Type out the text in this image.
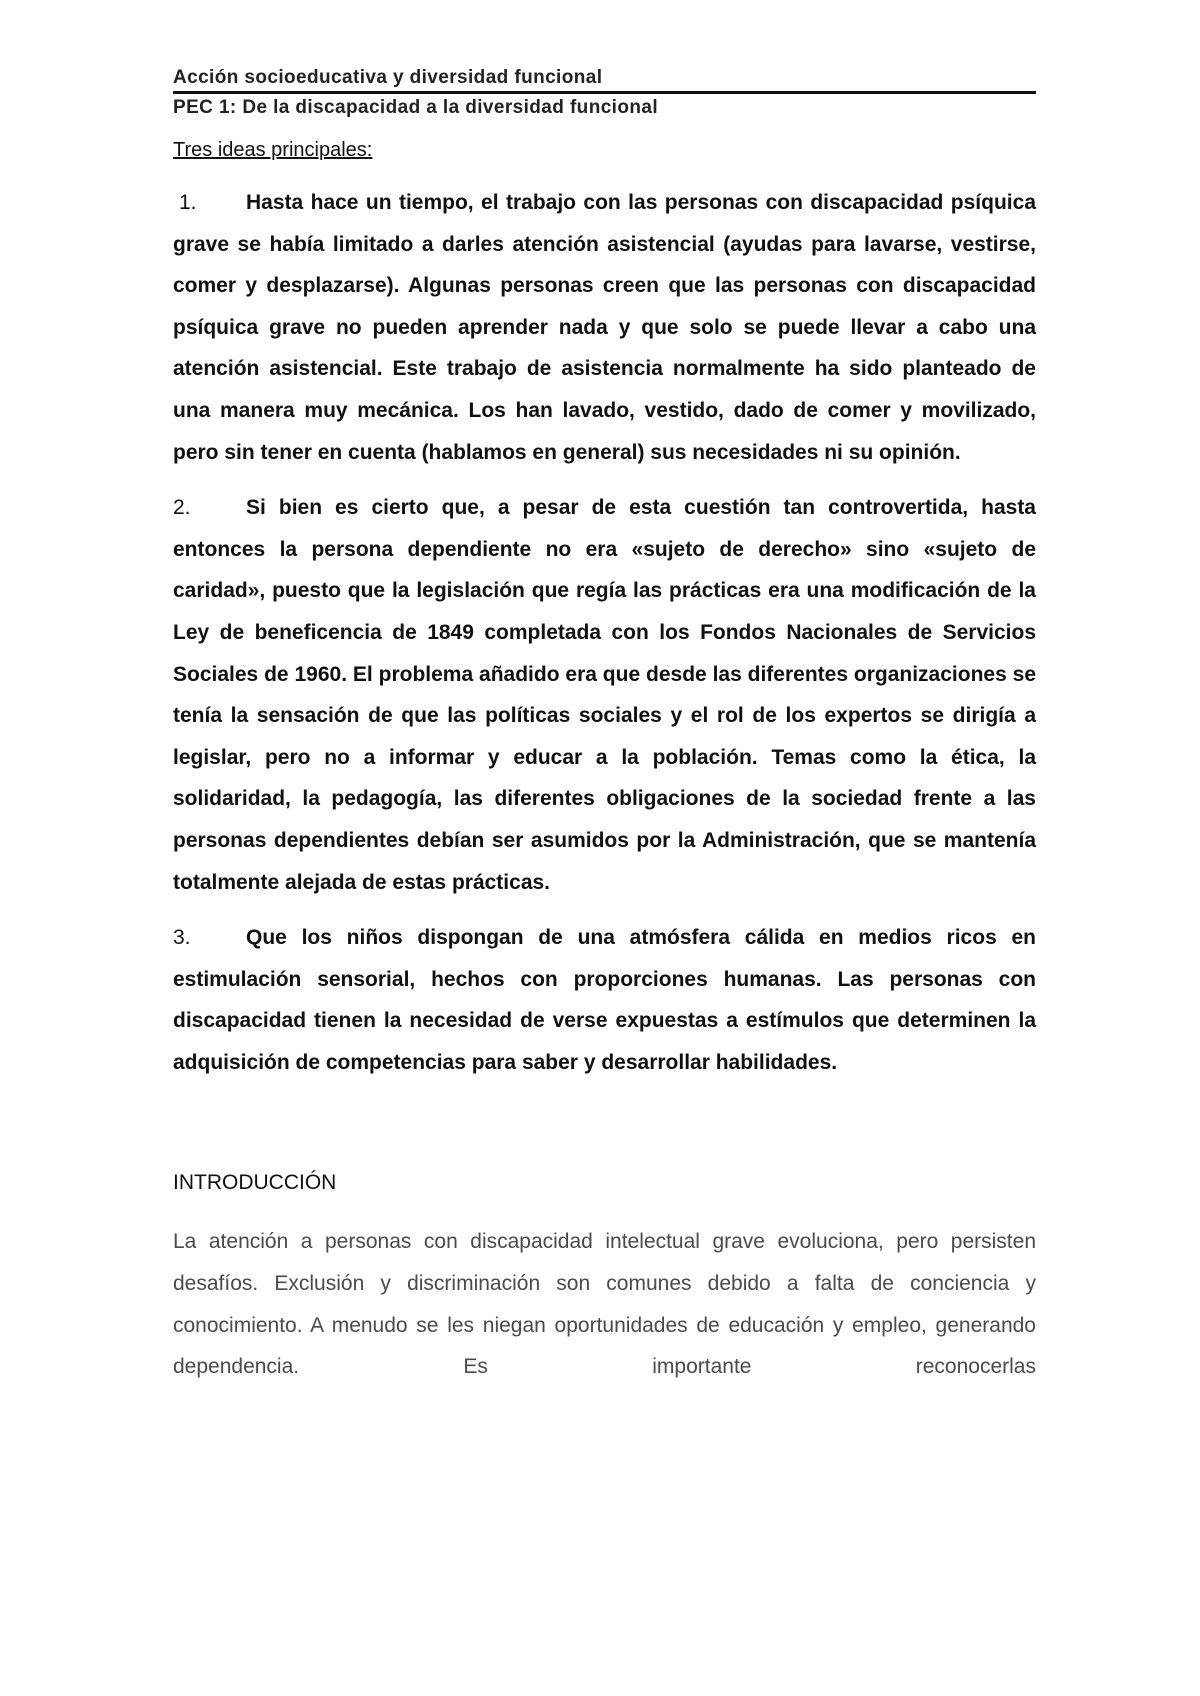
Acción socioeducativa y diversidad funcional

PEC 1: De la discapacidad a la diversidad funcional

Tres ideas principales:

1. Hasta hace un tiempo, el trabajo con las personas con discapacidad psíquica grave se había limitado a darles atención asistencial (ayudas para lavarse, vestirse, comer y desplazarse). Algunas personas creen que las personas con discapacidad psíquica grave no pueden aprender nada y que solo se puede llevar a cabo una atención asistencial. Este trabajo de asistencia normalmente ha sido planteado de una manera muy mecánica. Los han lavado, vestido, dado de comer y movilizado, pero sin tener en cuenta (hablamos en general) sus necesidades ni su opinión.

2.	Si bien es cierto que, a pesar de esta cuestión tan controvertida, hasta entonces la persona dependiente no era «sujeto de derecho» sino «sujeto de caridad», puesto que la legislación que regía las prácticas era una modificación de la Ley de beneficencia de 1849 completada con los Fondos Nacionales de Servicios Sociales de 1960. El problema añadido era que desde las diferentes organizaciones se tenía la sensación de que las políticas sociales y el rol de los expertos se dirigía a legislar, pero no a informar y educar a la población. Temas como la ética, la solidaridad, la pedagogía, las diferentes obligaciones de la sociedad frente a las personas dependientes debían ser asumidos por la Administración, que se mantenía totalmente alejada de estas prácticas.

3.	Que los niños dispongan de una atmósfera cálida en medios ricos en estimulación sensorial, hechos con proporciones humanas. Las personas con discapacidad tienen la necesidad de verse expuestas a estímulos que determinen la adquisición de competencias para saber y desarrollar habilidades.

INTRODUCCIÓN

La atención a personas con discapacidad intelectual grave evoluciona, pero persisten desafíos. Exclusión y discriminación son comunes debido a falta de conciencia y conocimiento. A menudo se les niegan oportunidades de educación y empleo, generando dependencia. Es importante reconocerlas
